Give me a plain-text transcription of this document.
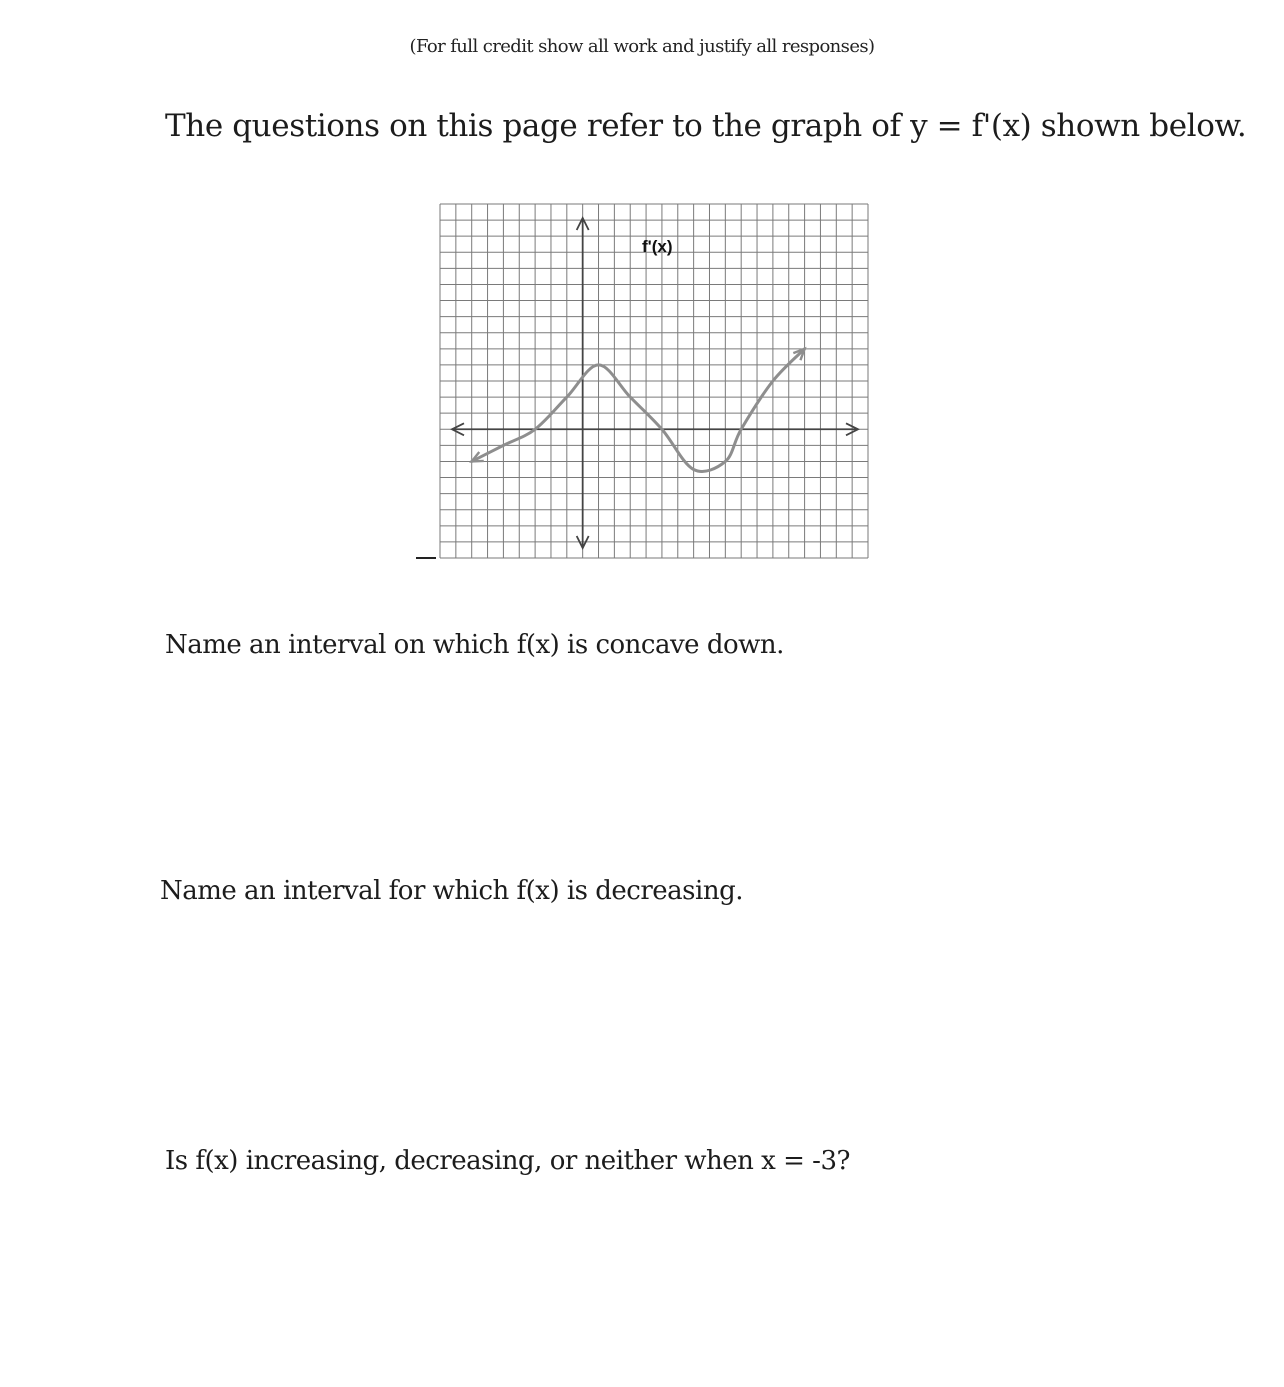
(For full credit show all work and justify all responses)
The questions on this page refer to the graph of y = f'(x) shown below.
f'(x)
Name an interval on which f(x) is concave down.
Name an interval for which f(x) is decreasing.
Is f(x) increasing, decreasing, or neither when x = -3?
